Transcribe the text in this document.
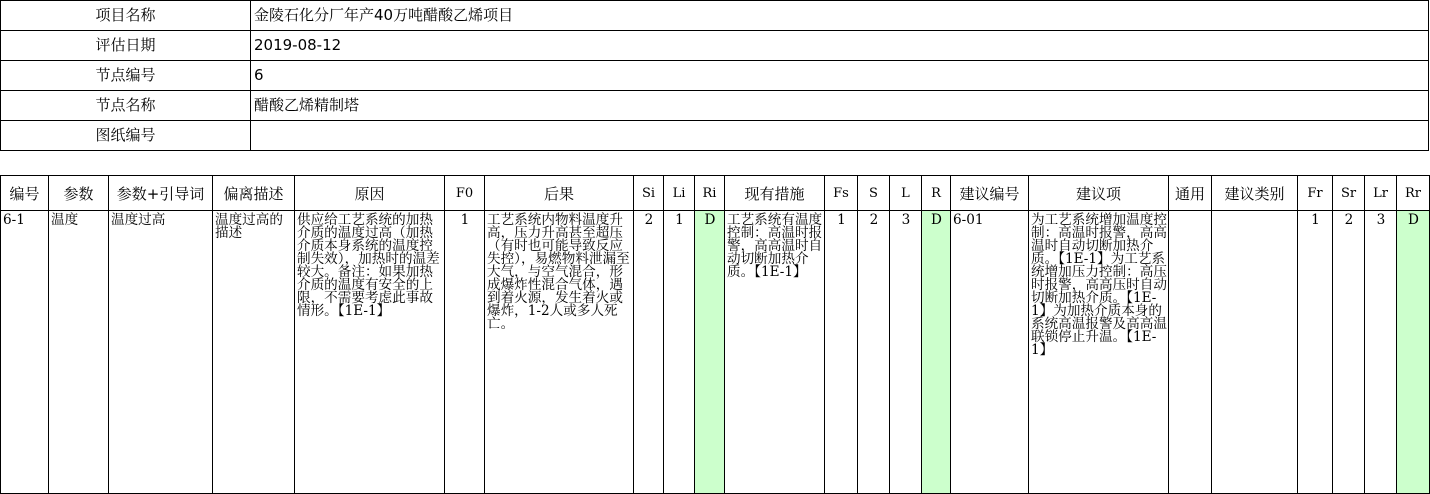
项目名称	金陵石化分厂年产40万吨醋酸乙烯项目
评估日期	2019-08-12
节点编号	6
节点名称	醋酸乙烯精制塔
图纸编号	
编号	参数	参数+引导词	偏离描述	原因	F0	后果	Si	Li	Ri	现有措施	Fs	S	L	R	建议编号	建议项	通用	建议类别	Fr	Sr	Lr	Rr
6-1	温度	温度过高	温度过高的描述	供应给工艺系统的加热介质的温度过高（加热介质本身系统的温度控制失效），加热时的温差较大。备注：如果加热介质的温度有安全的上限，不需要考虑此事故情形。【1E-1】	1	工艺系统内物料温度升高，压力升高甚至超压（有时也可能导致反应失控），易燃物料泄漏至大气，与空气混合，形成爆炸性混合气体，遇到着火源，发生着火或爆炸，1-2人或多人死亡。	2	1	D	工艺系统有温度控制：高温时报警，高高温时自动切断加热介质。【1E-1】	1	2	3	D	6-01	为工艺系统增加温度控制：高温时报警，高高温时自动切断加热介质。【1E-1】为工艺系统增加压力控制：高压时报警，高高压时自动切断加热介质。【1E-1】为加热介质本身的系统高温报警及高高温联锁停止升温。【1E-1】			1	2	3	D
